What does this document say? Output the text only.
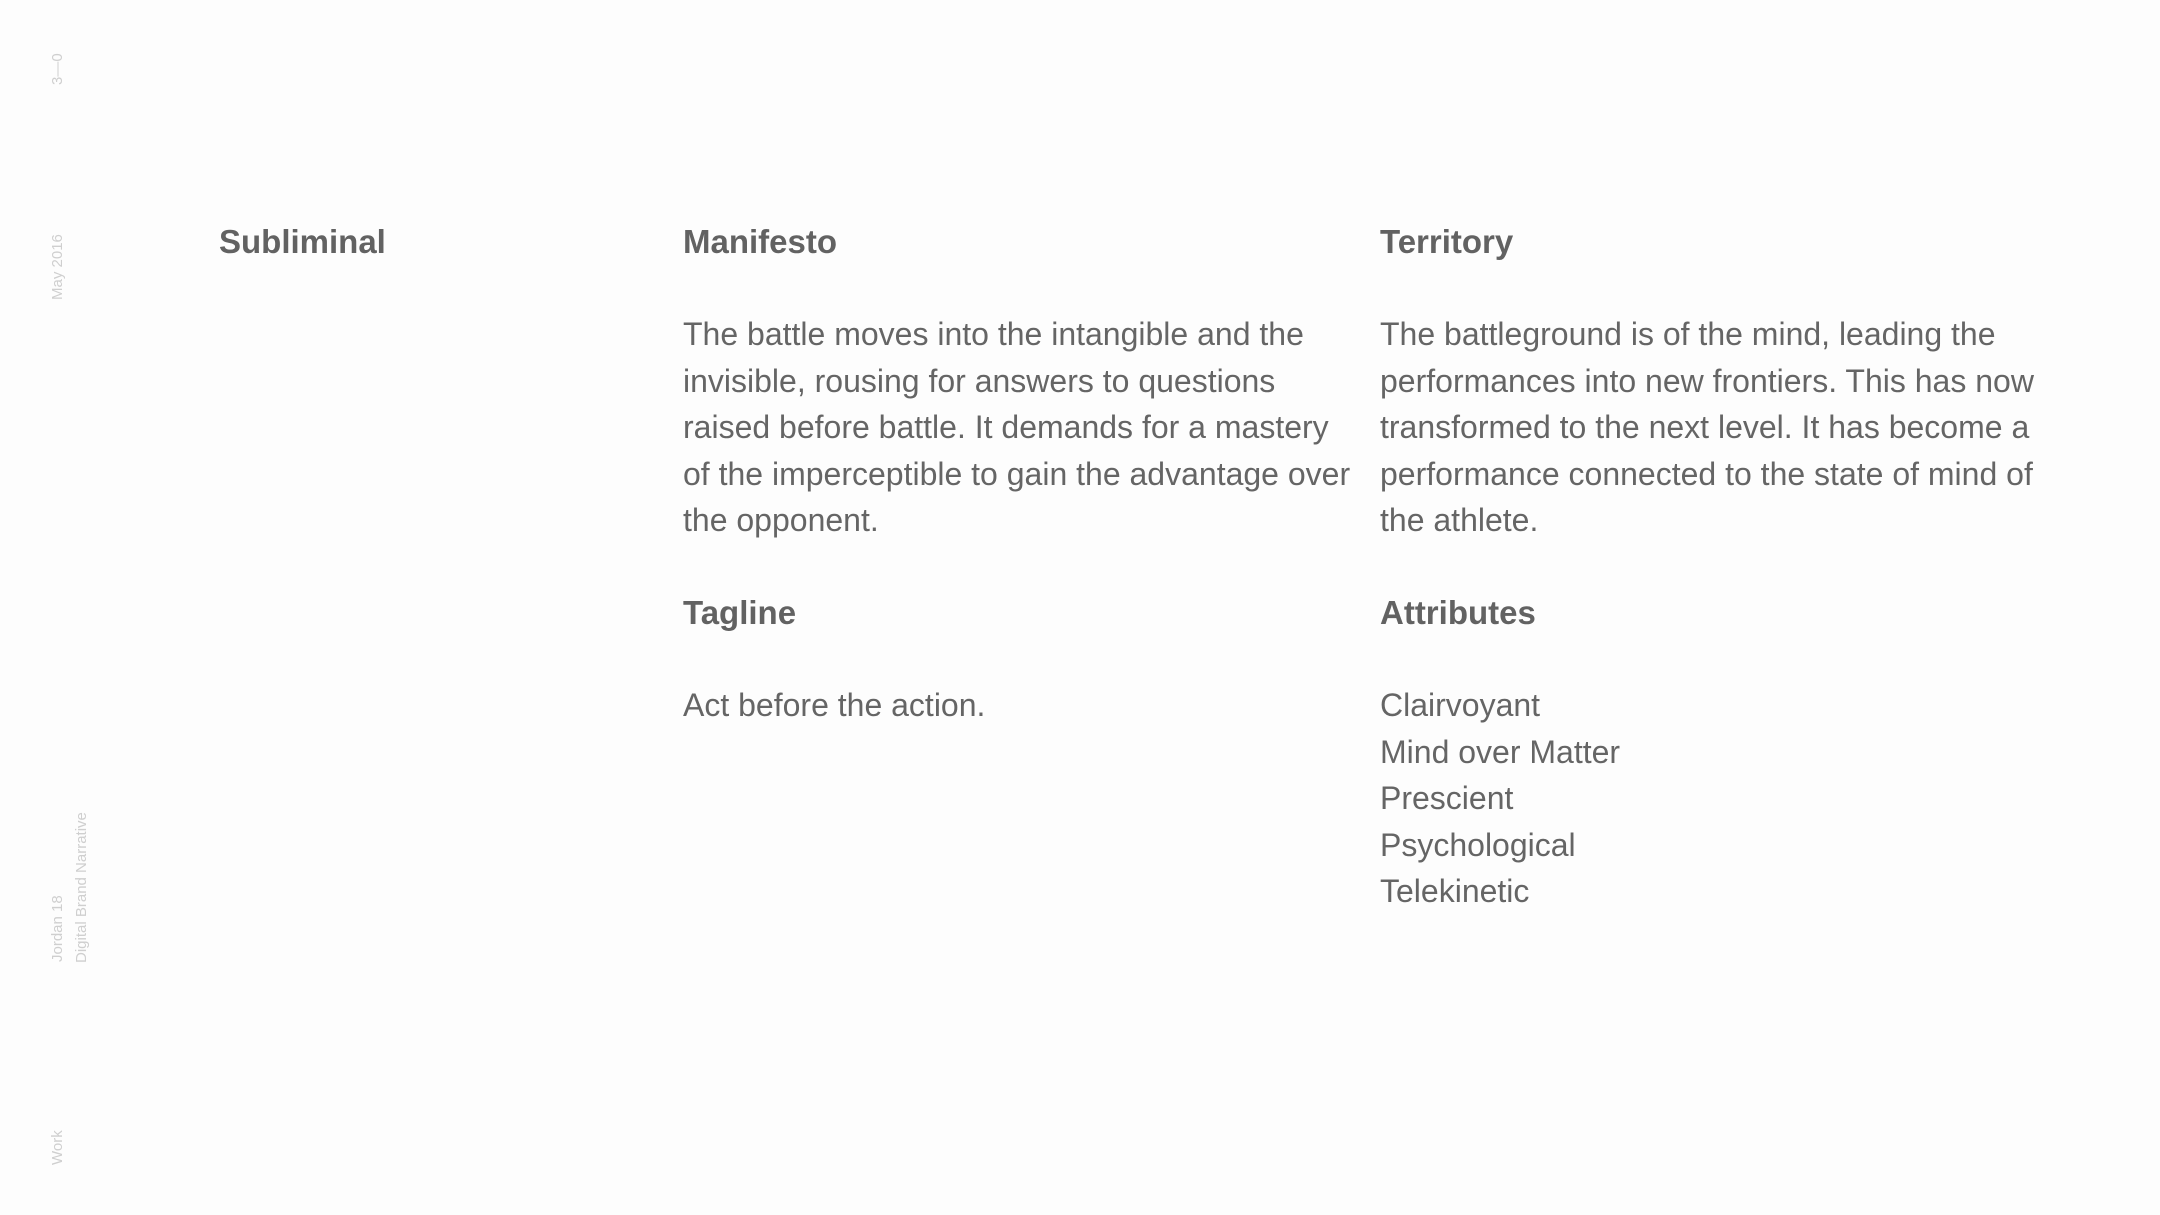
3—0
May 2016
Jordan 18 Digital Brand Narrative
Work
Subliminal	Manifesto

The battle moves into the intangible and the invisible, rousing for answers to questions raised before battle. It demands for a mastery of the imperceptible to gain the advantage over the opponent.

Tagline

Act before the action.

Territory

The battleground is of the mind, leading the performances into new frontiers. This has now transformed to the next level. It has become a performance connected to the state of mind of the athlete.

Attributes
Clairvoyant
Mind over Matter
Prescient
Psychological
Telekinetic
